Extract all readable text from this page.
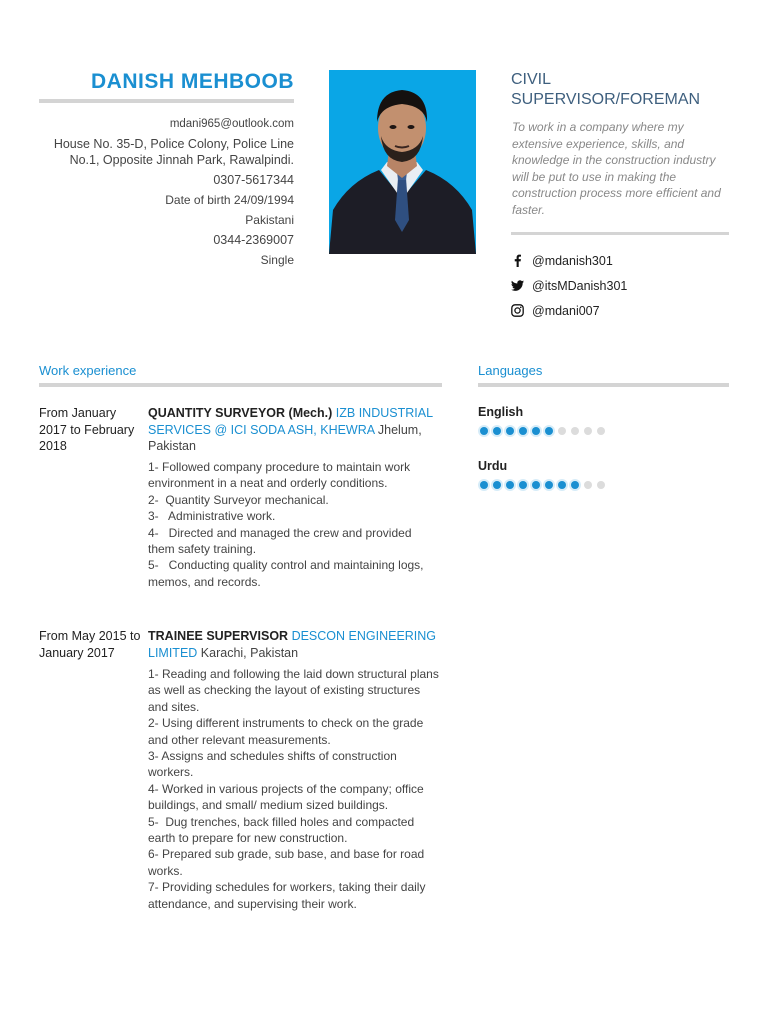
DANISH MEHBOOB
mdani965@outlook.com
House No. 35-D, Police Colony, Police Line No.1, Opposite Jinnah Park, Rawalpindi.
0307-5617344
Date of birth 24/09/1994
Pakistani
0344-2369007
Single
CIVIL
SUPERVISOR/FOREMAN
To work in a company where my extensive experience, skills, and knowledge in the construction industry will be put to use in making the construction process more efficient and faster.
@mdanish301
@itsMDanish301
@mdani007
Work experience
From January 2017 to February 2018
QUANTITY SURVEYOR (Mech.) IZB INDUSTRIAL SERVICES @ ICI SODA ASH, KHEWRA Jhelum, Pakistan
1- Followed company procedure to maintain work environment in a neat and orderly conditions.
2-  Quantity Surveyor mechanical.
3-   Administrative work.
4-   Directed and managed the crew and provided them safety training.
5-   Conducting quality control and maintaining logs, memos, and records.
From May 2015 to January 2017
TRAINEE SUPERVISOR DESCON ENGINEERING LIMITED Karachi, Pakistan
1- Reading and following the laid down structural plans as well as checking the layout of existing structures and sites.
2- Using different instruments to check on the grade and other relevant measurements.
3- Assigns and schedules shifts of construction workers.
4- Worked in various projects of the company; office buildings, and small/ medium sized buildings.
5-  Dug trenches, back filled holes and compacted earth to prepare for new construction.
6- Prepared sub grade, sub base, and base for road works.
7- Providing schedules for workers, taking their daily attendance, and supervising their work.
Languages
English
Urdu
